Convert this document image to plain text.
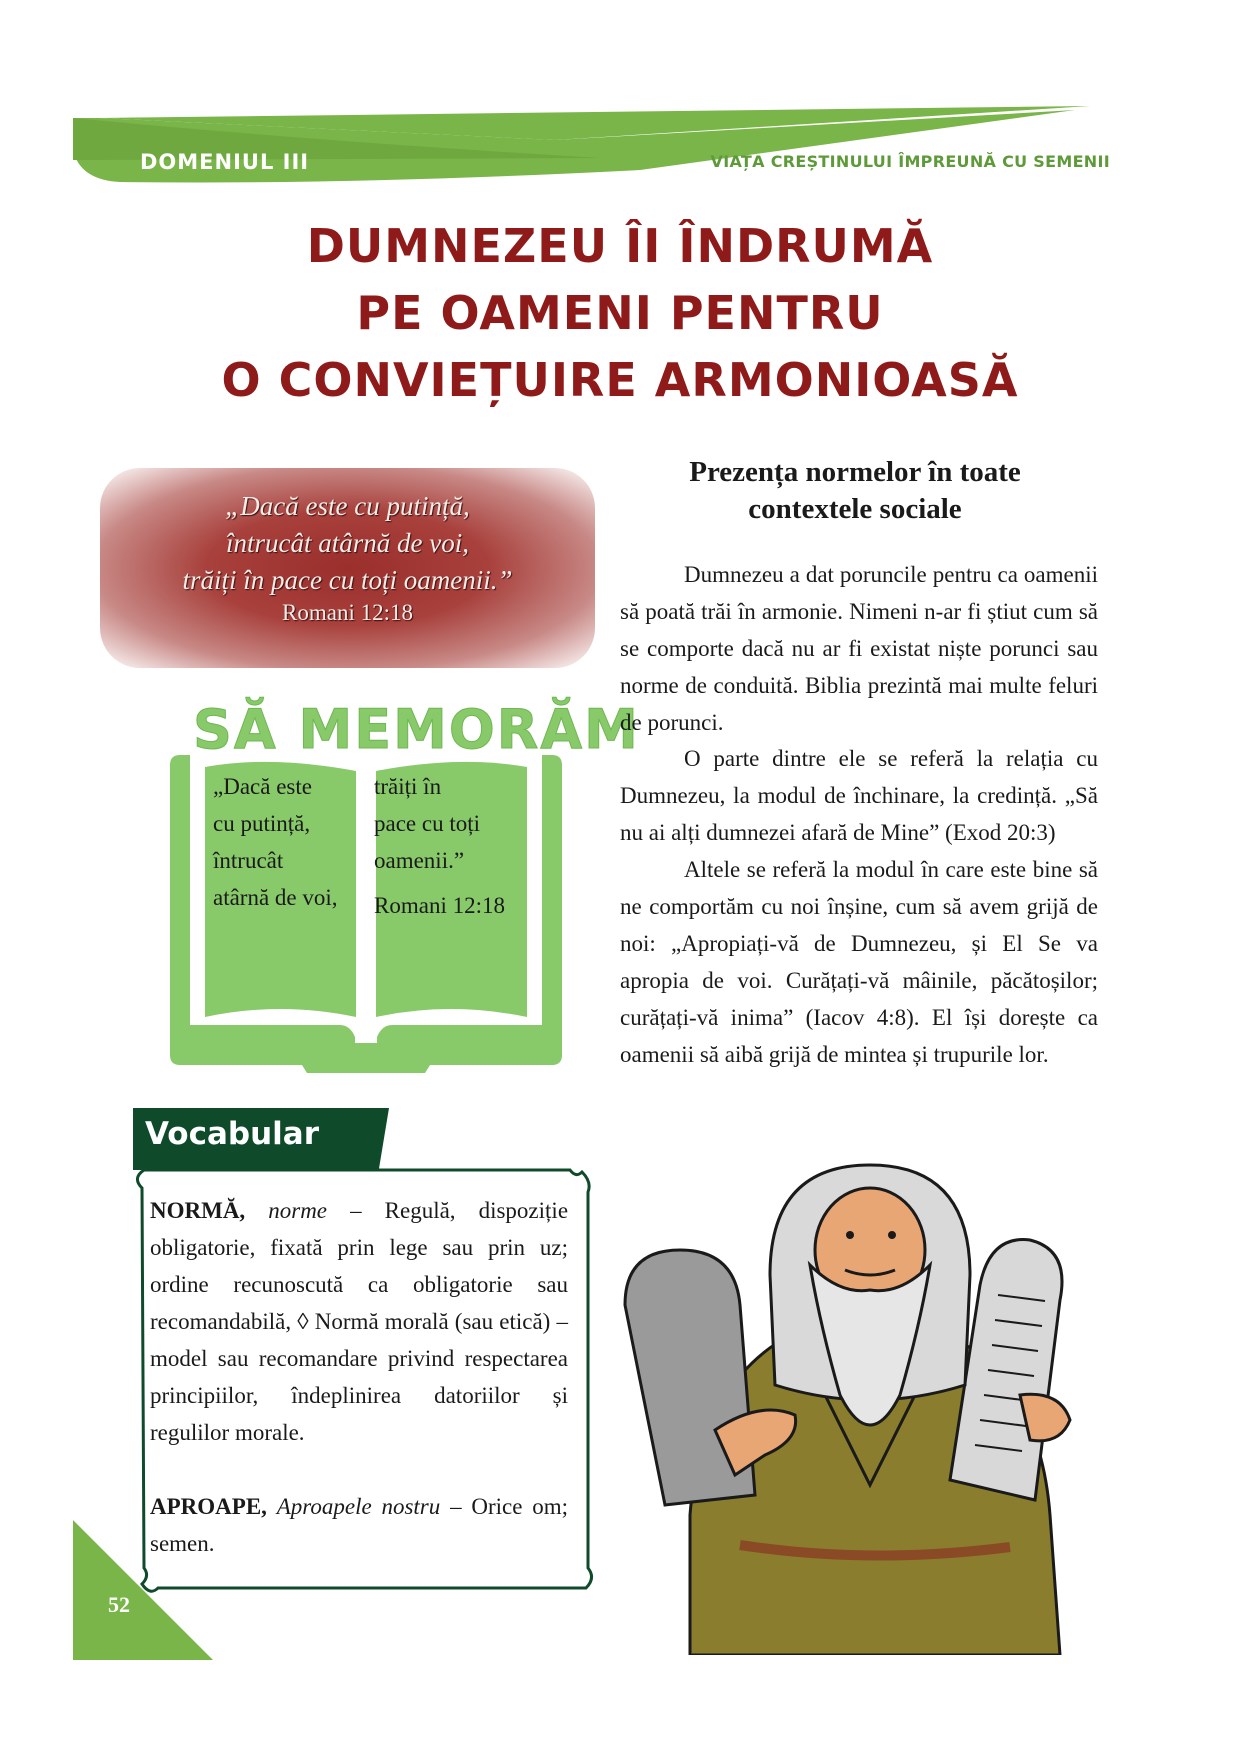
DOMENIUL III	VIAȚA CREȘTINULUI ÎMPREUNĂ CU SEMENII
DUMNEZEU ÎI ÎNDRUMĂ
PE OAMENI PENTRU
O CONVIEȚUIRE ARMONIOASĂ
„Dacă este cu putință,
întrucât atârnă de voi,
trăiți în pace cu toți oamenii.”
Romani 12:18
SĂ MEMORĂM
„Dacă este
cu putință,
întrucât
atârnă de voi,
trăiți în
pace cu toți
oamenii.”
Romani 12:18
Vocabular
NORMĂ, norme – Regulă, dispoziție obligatorie, fixată prin lege sau prin uz; ordine recunoscută ca obligatorie sau recomandabilă, ◊ Normă morală (sau etică) – model sau recomandare privind respectarea principiilor, îndeplinirea datoriilor și regulilor morale.
APROAPE, Aproapele nostru – Orice om; semen.
Prezența normelor în toate
contextele sociale

Dumnezeu a dat poruncile pentru ca oamenii să poată trăi în armonie. Nimeni n-ar fi știut cum să se comporte dacă nu ar fi existat niște porunci sau norme de conduită. Biblia prezintă mai multe feluri de porunci.

O parte dintre ele se referă la relația cu Dumnezeu, la modul de închinare, la credință. „Să nu ai alți dumnezei afară de Mine” (Exod 20:3)

Altele se referă la modul în care este bine să ne comportăm cu noi înșine, cum să avem grijă de noi: „Apropiați-vă de Dumnezeu, și El Se va apropia de voi. Curățați-vă mâinile, păcătoșilor; curățați-vă inima” (Iacov 4:8). El își dorește ca oamenii să aibă grijă de mintea și trupurile lor.

52
